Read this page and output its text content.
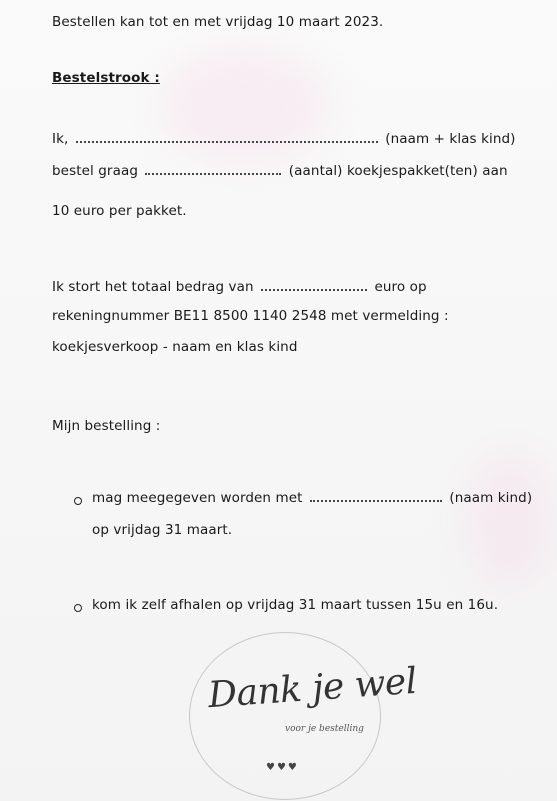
Bestellen kan tot en met vrijdag 10 maart 2023.
Bestelstrook :
Ik,	(naam + klas kind)
bestel graag	(aantal) koekjespakket(ten) aan
10 euro per pakket.
Ik stort het totaal bedrag van	euro op
rekeningnummer BE11 8500 1140 2548 met vermelding :
koekjesverkoop - naam en klas kind
Mijn bestelling :
mag meegegeven worden met	(naam kind)
op vrijdag 31 maart.
kom ik zelf afhalen op vrijdag 31 maart tussen 15u en 16u.
Dank je wel
voor je bestelling
♥♥♥
